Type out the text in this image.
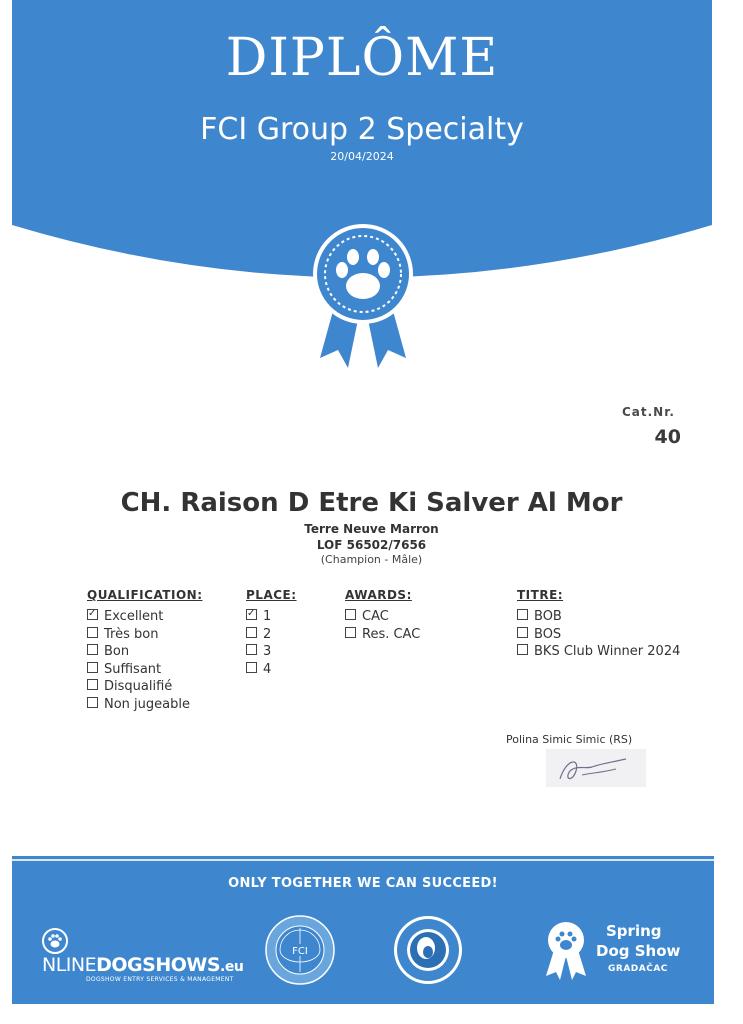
DIPLÔME
FCI Group 2 Specialty
20/04/2024
Cat.Nr.
40
CH. Raison D Etre Ki Salver Al Mor
Terre Neuve Marron
LOF 56502/7656
(Champion - Mâle)
QUALIFICATION:
✓Excellent
Très bon
Bon
Suffisant
Disqualifié
Non jugeable
PLACE:
✓1
2
3
4
AWARDS:
CAC
Res. CAC
TITRE:
BOB
BOS
BKS Club Winner 2024
Polina Simic Simic (RS)
ONLY TOGETHER WE CAN SUCCEED!
NLINEDOGSHOWS.eu
DOGSHOW ENTRY SERVICES & MANAGEMENT
FCI
Spring
Dog Show
GRADAČAC
